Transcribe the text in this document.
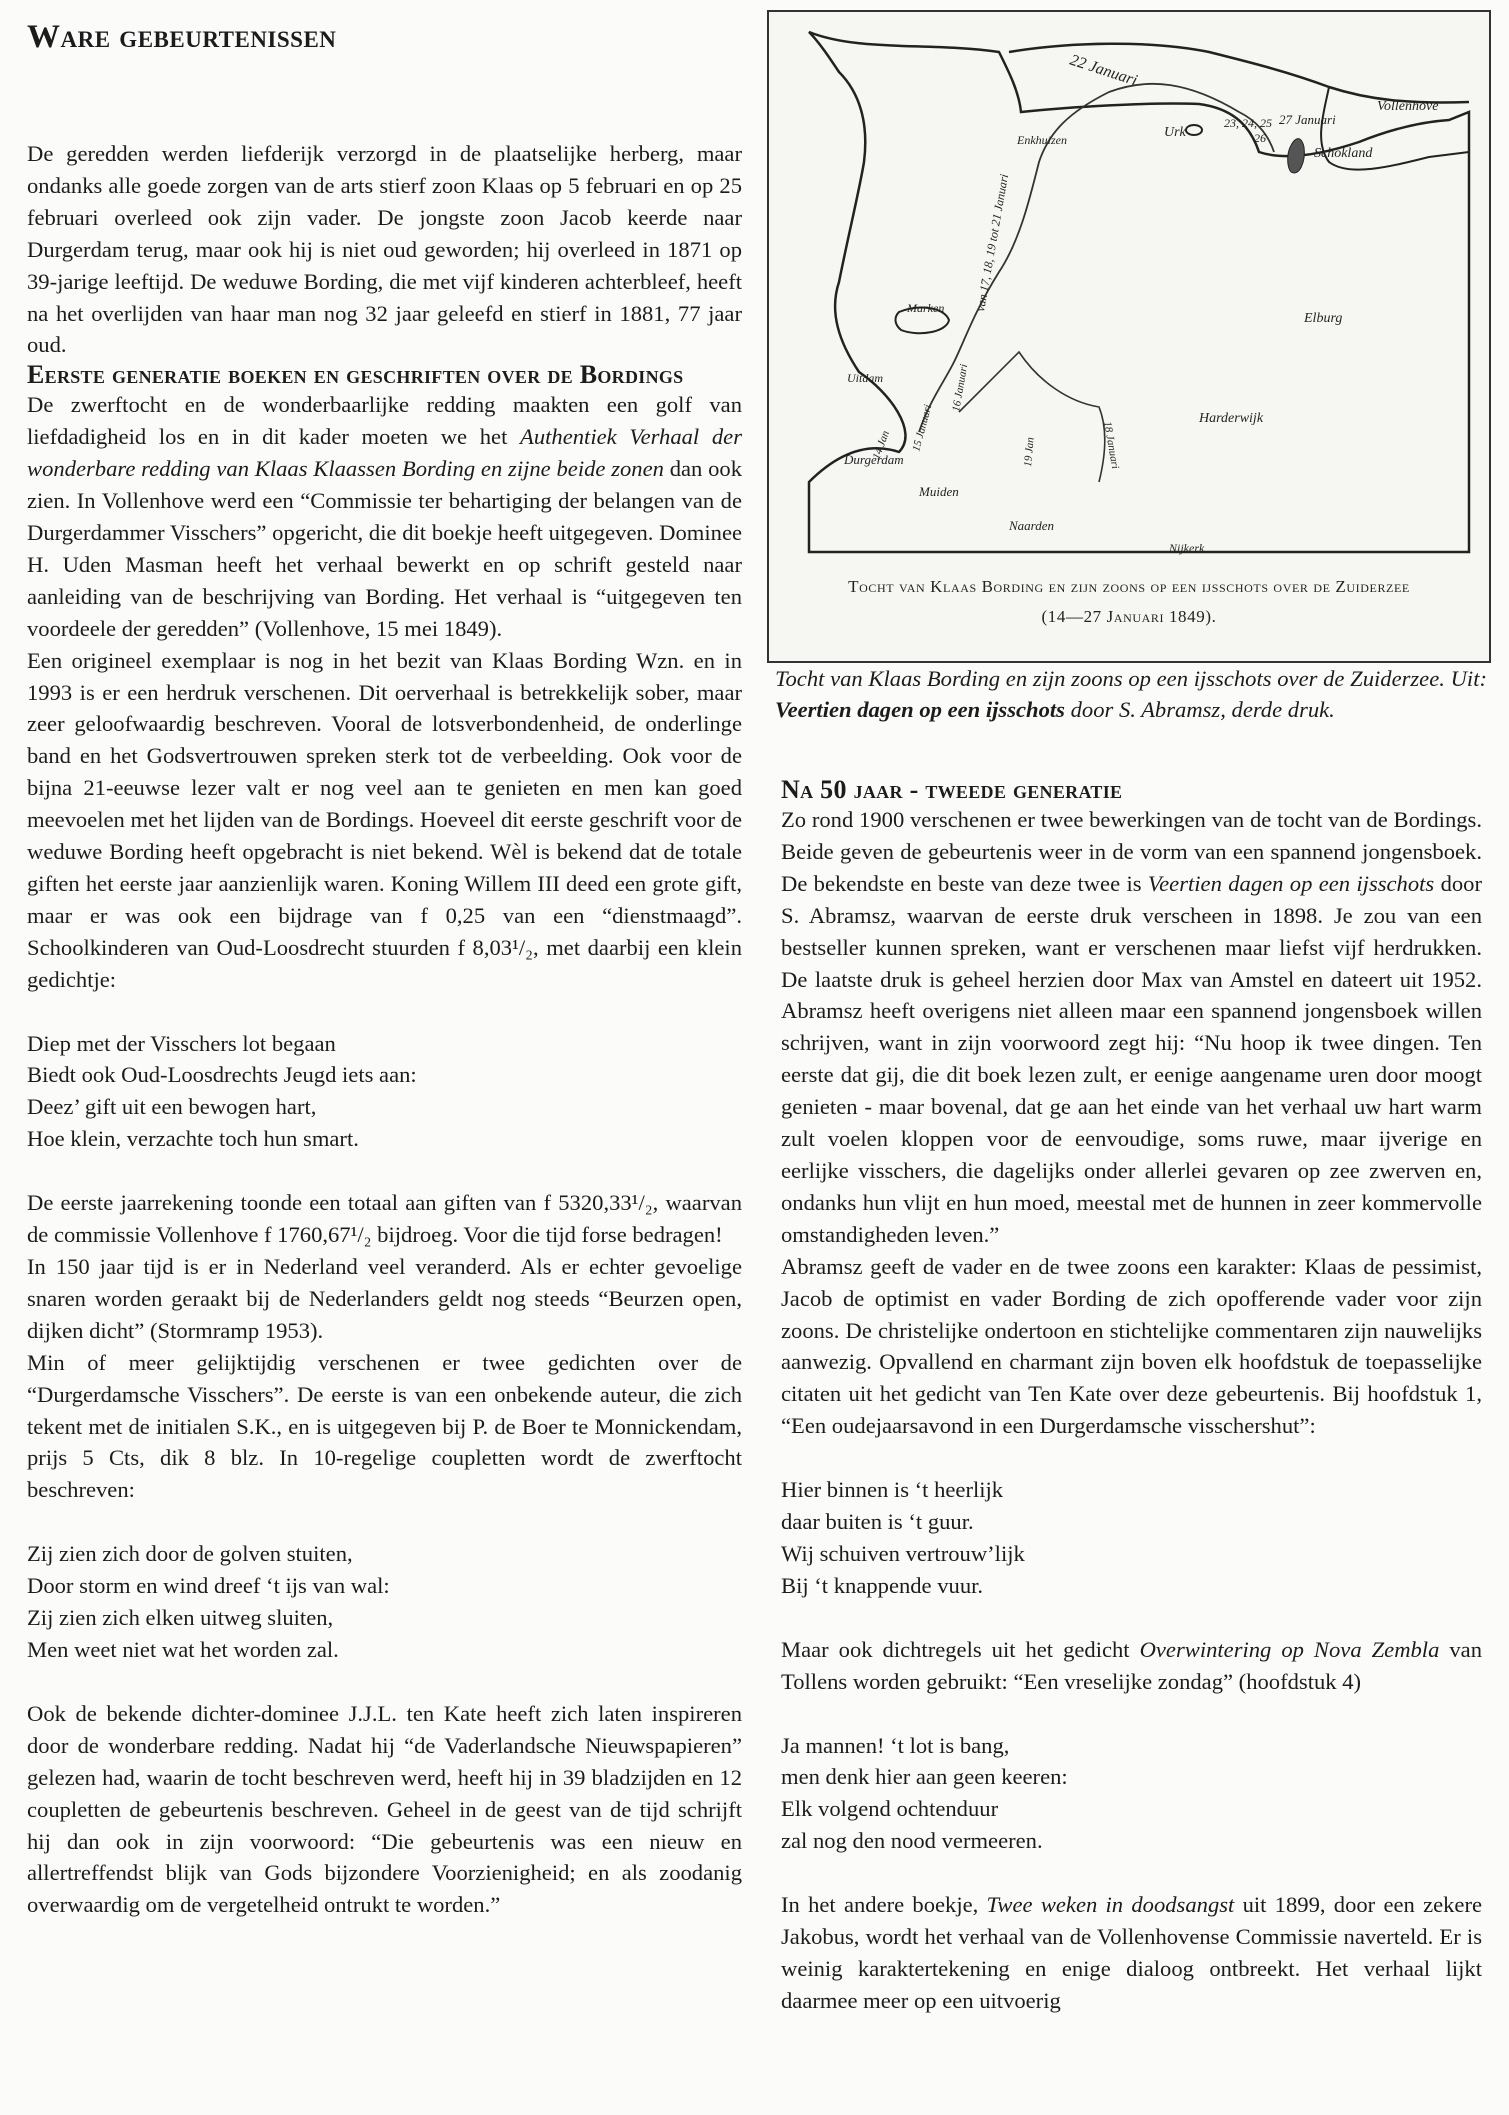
Ware gebeurtenissen

De geredden werden liefderijk verzorgd in de plaatselijke herberg, maar ondanks alle goede zorgen van de arts stierf zoon Klaas op 5 februari en op 25 februari overleed ook zijn vader. De jongste zoon Jacob keerde naar Durgerdam terug, maar ook hij is niet oud geworden; hij overleed in 1871 op 39-jarige leeftijd. De weduwe Bording, die met vijf kinderen achterbleef, heeft na het overlijden van haar man nog 32 jaar geleefd en stierf in 1881, 77 jaar oud.

Eerste generatie boeken en geschriften over de Bordings

De zwerftocht en de wonderbaarlijke redding maakten een golf van liefdadigheid los en in dit kader moeten we het Authentiek Verhaal der wonderbare redding van Klaas Klaassen Bording en zijne beide zonen dan ook zien. In Vollenhove werd een “Commissie ter behartiging der belangen van de Durgerdammer Visschers” opgericht, die dit boekje heeft uitgegeven. Dominee H. Uden Masman heeft het verhaal bewerkt en op schrift gesteld naar aanleiding van de beschrijving van Bording. Het verhaal is “uitgegeven ten voordeele der geredden” (Vollenhove, 15 mei 1849).

Een origineel exemplaar is nog in het bezit van Klaas Bording Wzn. en in 1993 is er een herdruk verschenen. Dit oerverhaal is betrekkelijk sober, maar zeer geloofwaardig beschreven. Vooral de lotsverbondenheid, de onderlinge band en het Godsvertrouwen spreken sterk tot de verbeelding. Ook voor de bijna 21-eeuwse lezer valt er nog veel aan te genieten en men kan goed meevoelen met het lijden van de Bordings. Hoeveel dit eerste geschrift voor de weduwe Bording heeft opgebracht is niet bekend. Wèl is bekend dat de totale giften het eerste jaar aanzienlijk waren. Koning Willem III deed een grote gift, maar er was ook een bijdrage van f 0,25 van een “dienstmaagd”. Schoolkinderen van Oud-Loosdrecht stuurden f 8,03¹/₂, met daarbij een klein gedichtje:

Diep met der Visschers lot begaan
Biedt ook Oud-Loosdrechts Jeugd iets aan:
Deez’ gift uit een bewogen hart,
Hoe klein, verzachte toch hun smart.

De eerste jaarrekening toonde een totaal aan giften van f 5320,33¹/₂, waarvan de commissie Vollenhove f 1760,67¹/₂ bijdroeg. Voor die tijd forse bedragen!

In 150 jaar tijd is er in Nederland veel veranderd. Als er echter gevoelige snaren worden geraakt bij de Nederlanders geldt nog steeds “Beurzen open, dijken dicht” (Stormramp 1953).

Min of meer gelijktijdig verschenen er twee gedichten over de “Durgerdamsche Visschers”. De eerste is van een onbekende auteur, die zich tekent met de initialen S.K., en is uitgegeven bij P. de Boer te Monnickendam, prijs 5 Cts, dik 8 blz. In 10-regelige coupletten wordt de zwerftocht beschreven:

Zij zien zich door de golven stuiten,
Door storm en wind dreef ‘t ijs van wal:
Zij zien zich elken uitweg sluiten,
Men weet niet wat het worden zal.

Ook de bekende dichter-dominee J.J.L. ten Kate heeft zich laten inspireren door de wonderbare redding. Nadat hij “de Vaderlandsche Nieuwspapieren” gelezen had, waarin de tocht beschreven werd, heeft hij in 39 bladzijden en 12 coupletten de gebeurtenis beschreven. Geheel in de geest van de tijd schrijft hij dan ook in zijn voorwoord: “Die gebeurtenis was een nieuw en allertreffendst blijk van Gods bijzondere Voorzienigheid; en als zoodanig overwaardig om de vergetelheid ontrukt te worden.”

22 Januari
23, 24, 25
26
27 Januari
Vollenhove
Schokland
Enkhuizen	Urk
Elburg
Harderwijk
Marken
Uitdam
Durgerdam
Muiden
Naarden
Nijkerk
14 Jan 15 Januari
16 Januari
van 17, 18, 19 tot 21 Januari
19 Jan	18 Januari
Tocht van Klaas Bording en zijn zoons op een ijsschots over de Zuiderzee
(14—27 Januari 1849).

Tocht van Klaas Bording en zijn zoons op een ijsschots over de Zuiderzee. Uit: Veertien dagen op een ijsschots door S. Abramsz, derde druk.

Na 50 jaar - tweede generatie

Zo rond 1900 verschenen er twee bewerkingen van de tocht van de Bordings. Beide geven de gebeurtenis weer in de vorm van een spannend jongensboek. De bekendste en beste van deze twee is Veertien dagen op een ijsschots door S. Abramsz, waarvan de eerste druk verscheen in 1898. Je zou van een bestseller kunnen spreken, want er verschenen maar liefst vijf herdrukken. De laatste druk is geheel herzien door Max van Amstel en dateert uit 1952. Abramsz heeft overigens niet alleen maar een spannend jongensboek willen schrijven, want in zijn voorwoord zegt hij: “Nu hoop ik twee dingen. Ten eerste dat gij, die dit boek lezen zult, er eenige aangename uren door moogt genieten - maar bovenal, dat ge aan het einde van het verhaal uw hart warm zult voelen kloppen voor de eenvoudige, soms ruwe, maar ijverige en eerlijke visschers, die dagelijks onder allerlei gevaren op zee zwerven en, ondanks hun vlijt en hun moed, meestal met de hunnen in zeer kommervolle omstandigheden leven.”

Abramsz geeft de vader en de twee zoons een karakter: Klaas de pessimist, Jacob de optimist en vader Bording de zich opofferende vader voor zijn zoons. De christelijke ondertoon en stichtelijke commentaren zijn nauwelijks aanwezig. Opvallend en charmant zijn boven elk hoofdstuk de toepasselijke citaten uit het gedicht van Ten Kate over deze gebeurtenis. Bij hoofdstuk 1, “Een oudejaarsavond in een Durgerdamsche visschershut”:

Hier binnen is ‘t heerlijk
daar buiten is ‘t guur.
Wij schuiven vertrouw’lijk
Bij ‘t knappende vuur.

Maar ook dichtregels uit het gedicht Overwintering op Nova Zembla van Tollens worden gebruikt: “Een vreselijke zondag” (hoofdstuk 4)

Ja mannen! ‘t lot is bang,
men denk hier aan geen keeren:
Elk volgend ochtenduur
zal nog den nood vermeeren.

In het andere boekje, Twee weken in doodsangst uit 1899, door een zekere Jakobus, wordt het verhaal van de Vollenhovense Commissie naverteld. Er is weinig karaktertekening en enige dialoog ontbreekt. Het verhaal lijkt daarmee meer op een uitvoerig
